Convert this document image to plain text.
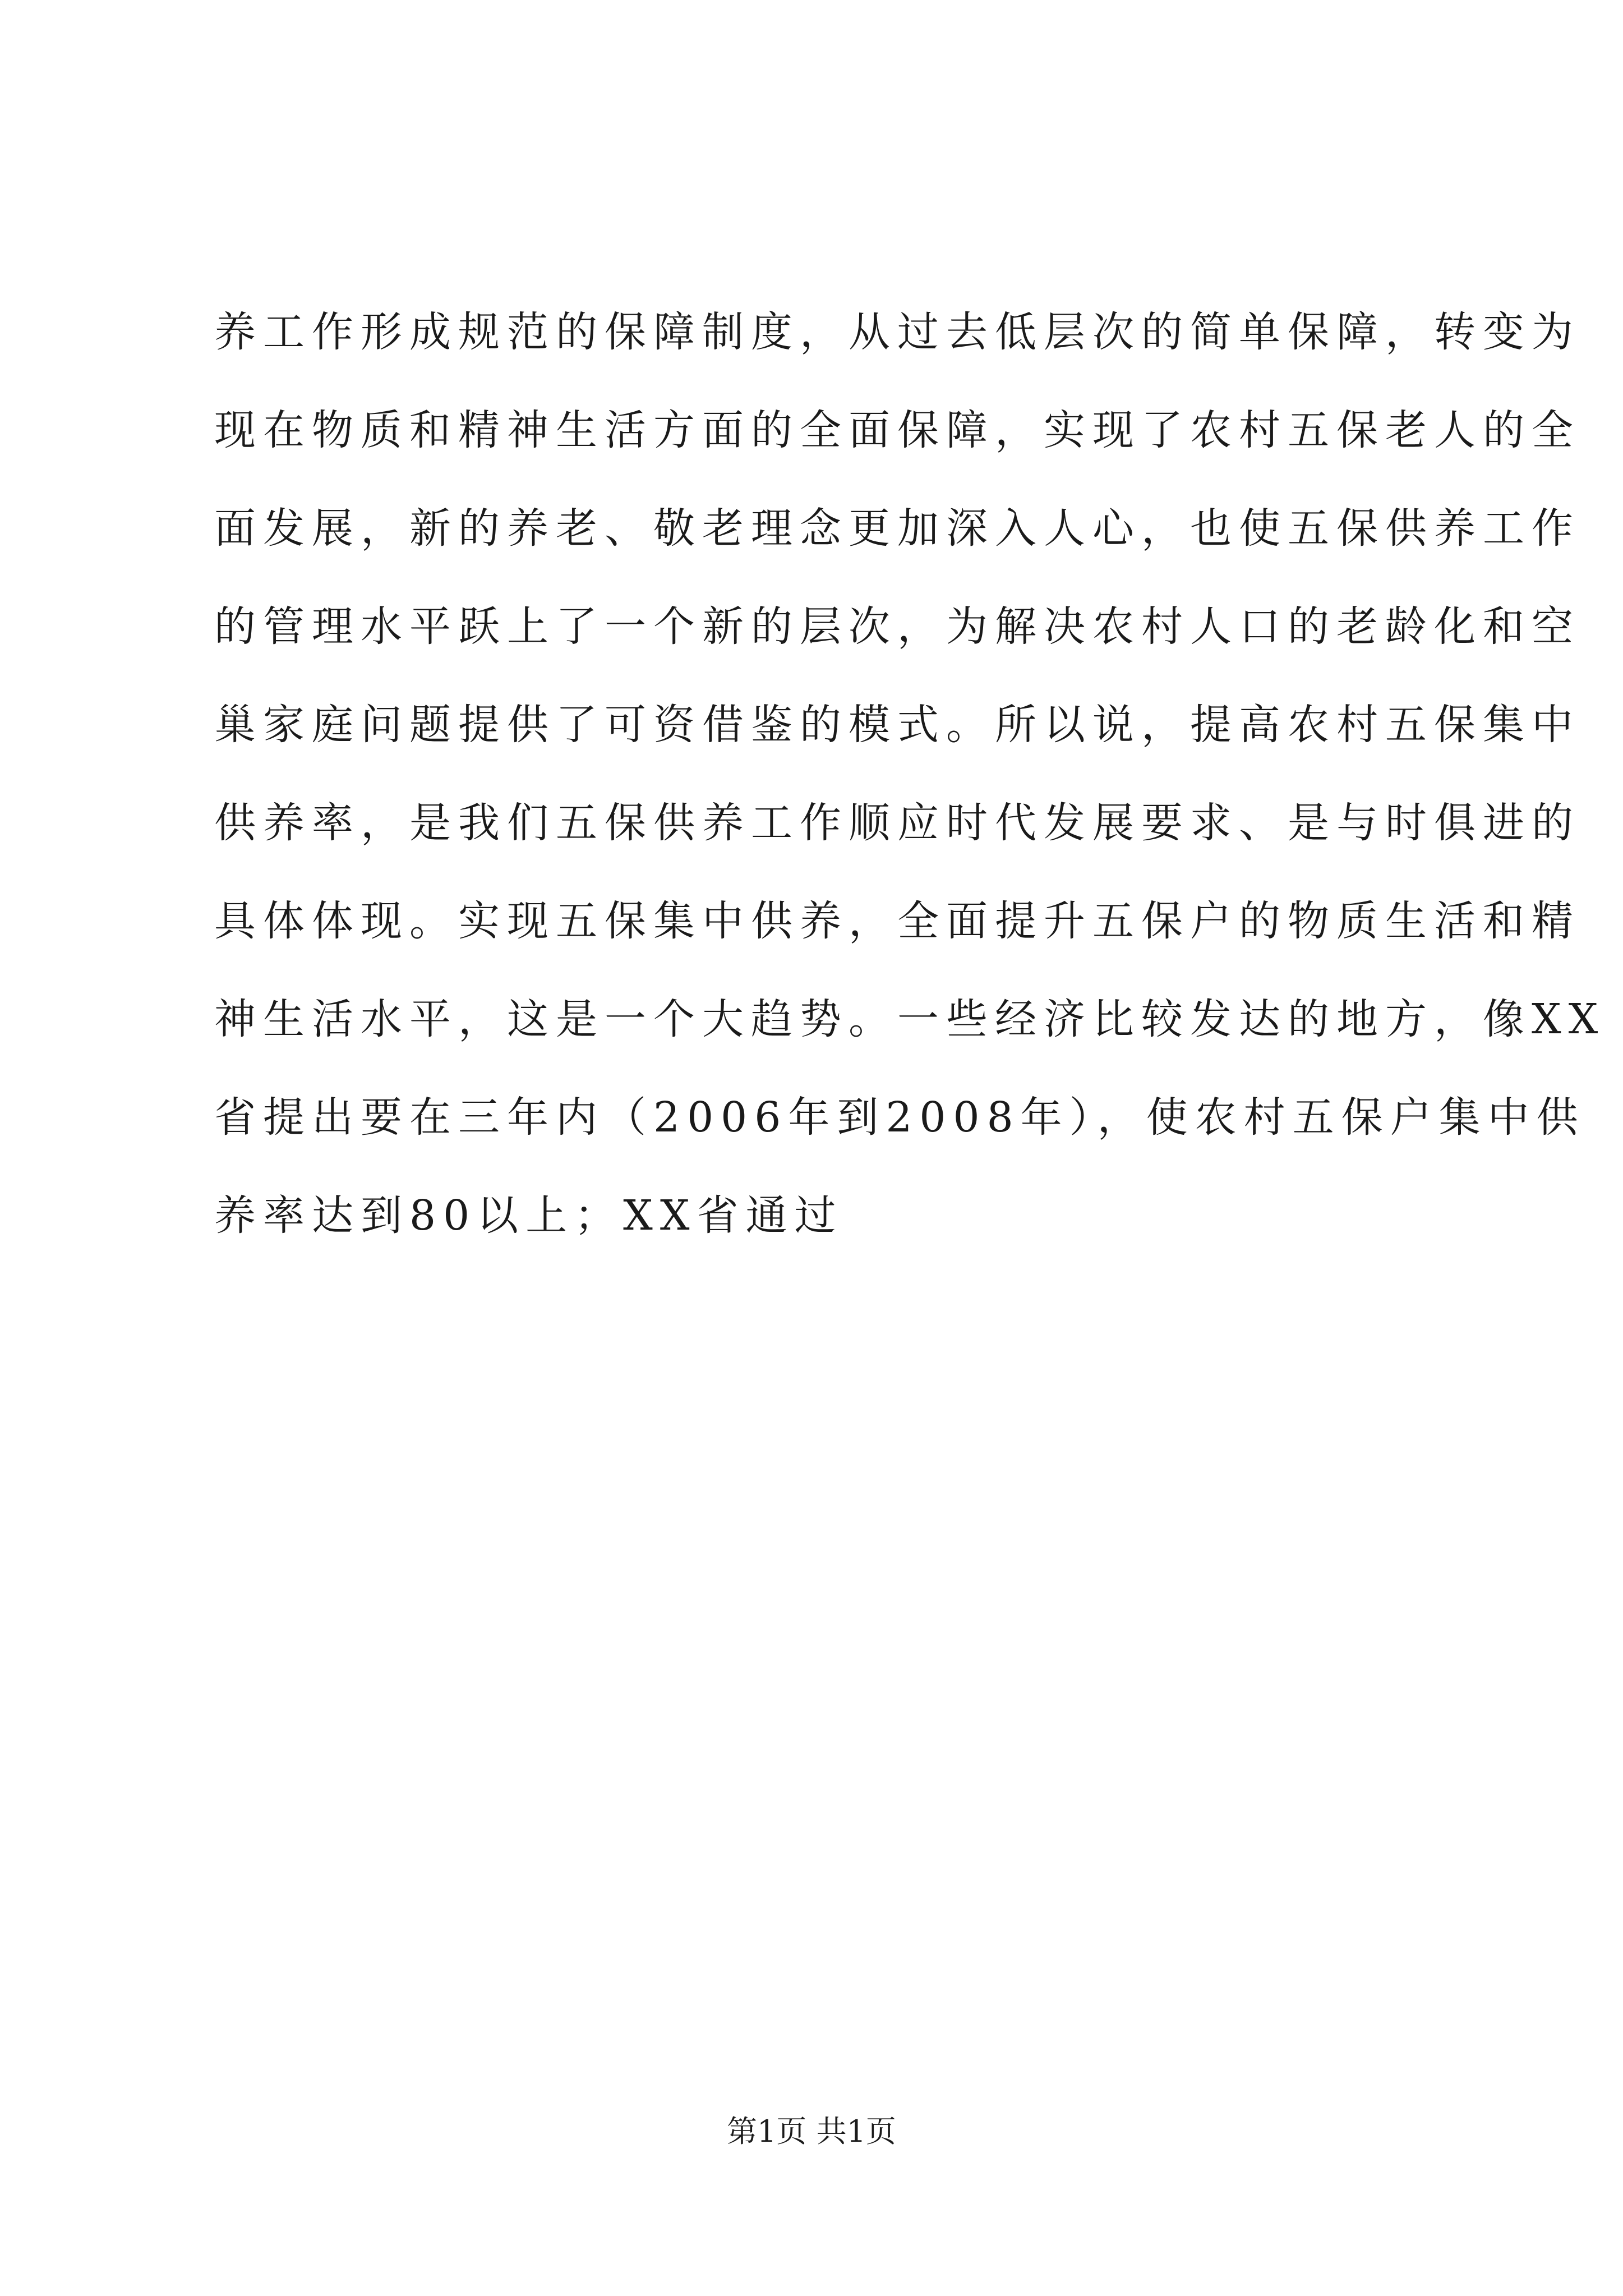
养工作形成规范的保障制度，从过去低层次的简单保障，转变为
现在物质和精神生活方面的全面保障，实现了农村五保老人的全
面发展，新的养老、敬老理念更加深入人心，也使五保供养工作
的管理水平跃上了一个新的层次，为解决农村人口的老龄化和空
巢家庭问题提供了可资借鉴的模式。所以说，提高农村五保集中
供养率，是我们五保供养工作顺应时代发展要求、是与时俱进的
具体体现。实现五保集中供养，全面提升五保户的物质生活和精
神生活水平，这是一个大趋势。一些经济比较发达的地方，像XX
省提出要在三年内（2006年到2008年），使农村五保户集中供
养率达到80以上；XX省通过
第1页 共1页
